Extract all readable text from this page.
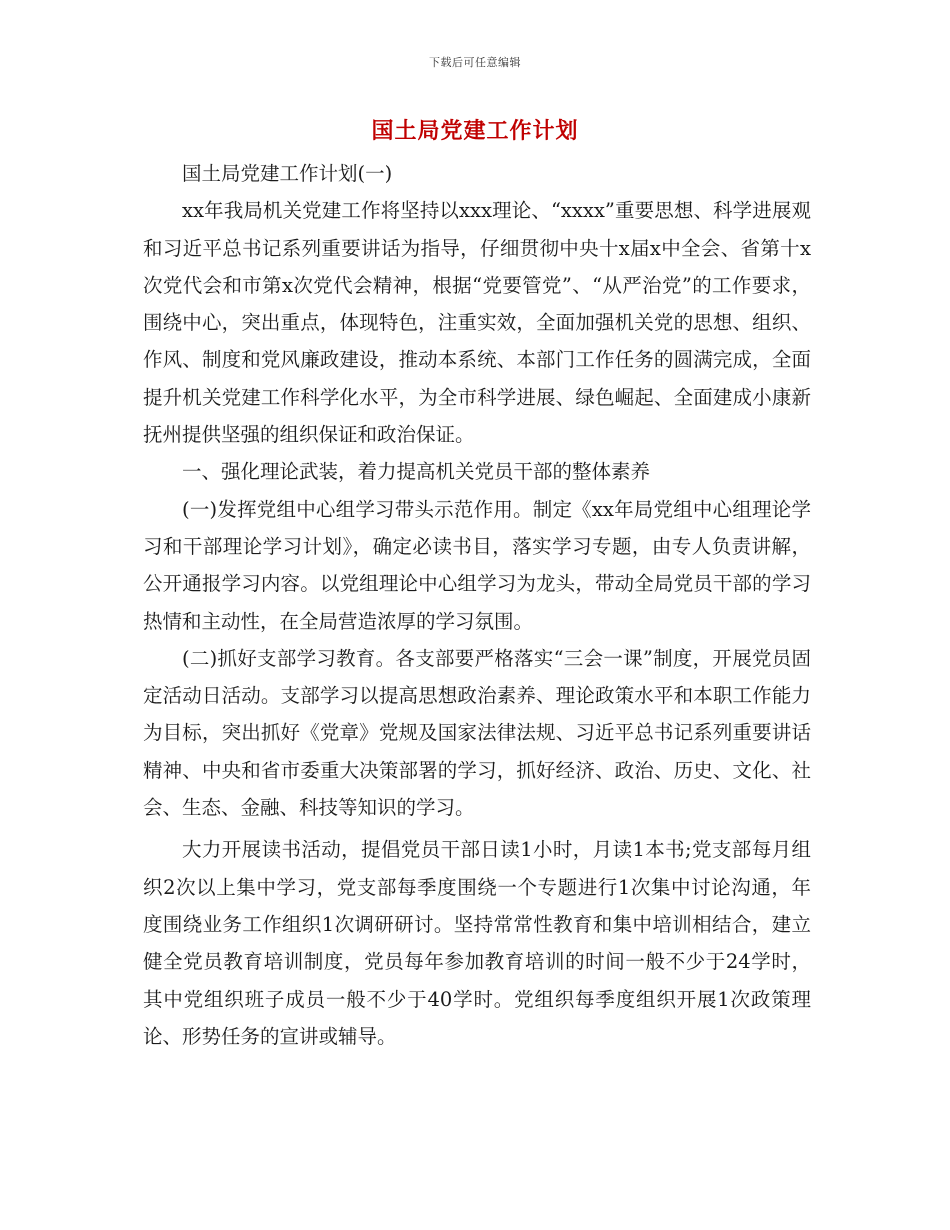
下载后可任意编辑
国土局党建工作计划

国土局党建工作计划(一)

xx年我局机关党建工作将坚持以xxx理论、“xxxx”重要思想、科学进展观和习近平总书记系列重要讲话为指导，仔细贯彻中央十x届x中全会、省第十x次党代会和市第x次党代会精神，根据“党要管党”、“从严治党”的工作要求，围绕中心，突出重点，体现特色，注重实效，全面加强机关党的思想、组织、作风、制度和党风廉政建设，推动本系统、本部门工作任务的圆满完成，全面提升机关党建工作科学化水平，为全市科学进展、绿色崛起、全面建成小康新抚州提供坚强的组织保证和政治保证。

一、强化理论武装，着力提高机关党员干部的整体素养

(一)发挥党组中心组学习带头示范作用。制定《xx年局党组中心组理论学习和干部理论学习计划》，确定必读书目，落实学习专题，由专人负责讲解，公开通报学习内容。以党组理论中心组学习为龙头，带动全局党员干部的学习热情和主动性，在全局营造浓厚的学习氛围。

(二)抓好支部学习教育。各支部要严格落实“三会一课”制度，开展党员固定活动日活动。支部学习以提高思想政治素养、理论政策水平和本职工作能力为目标，突出抓好《党章》党规及国家法律法规、习近平总书记系列重要讲话精神、中央和省市委重大决策部署的学习，抓好经济、政治、历史、文化、社会、生态、金融、科技等知识的学习。

大力开展读书活动，提倡党员干部日读1小时，月读1本书;党支部每月组织2次以上集中学习，党支部每季度围绕一个专题进行1次集中讨论沟通，年度围绕业务工作组织1次调研研讨。坚持常常性教育和集中培训相结合，建立健全党员教育培训制度，党员每年参加教育培训的时间一般不少于24学时，其中党组织班子成员一般不少于40学时。党组织每季度组织开展1次政策理论、形势任务的宣讲或辅导。
